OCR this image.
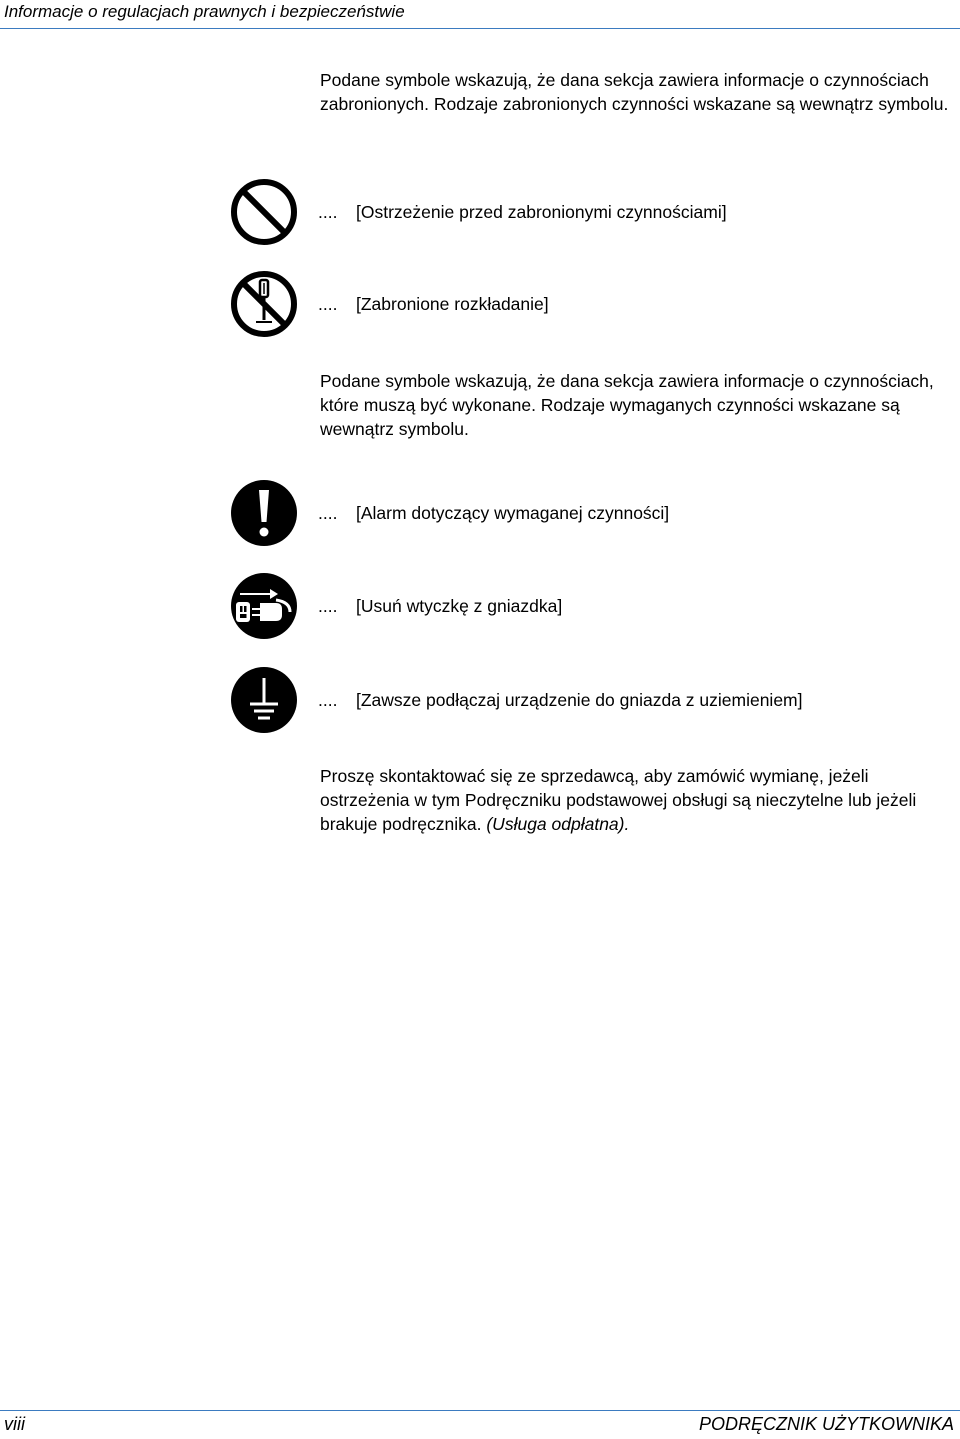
Informacje o regulacjach prawnych i bezpieczeństwie
Podane symbole wskazują, że dana sekcja zawiera informacje o czynnościach zabronionych. Rodzaje zabronionych czynności wskazane są wewnątrz symbolu.
.... [Ostrzeżenie przed zabronionymi czynnościami]
.... [Zabronione rozkładanie]
Podane symbole wskazują, że dana sekcja zawiera informacje o czynnościach, które muszą być wykonane. Rodzaje wymaganych czynności wskazane są wewnątrz symbolu.
.... [Alarm dotyczący wymaganej czynności]
.... [Usuń wtyczkę z gniazdka]
.... [Zawsze podłączaj urządzenie do gniazda z uziemieniem]
Proszę skontaktować się ze sprzedawcą, aby zamówić wymianę, jeżeli ostrzeżenia w tym Podręczniku podstawowej obsługi są nieczytelne lub jeżeli brakuje podręcznika. (Usługa odpłatna).
viii	PODRĘCZNIK UŻYTKOWNIKA
